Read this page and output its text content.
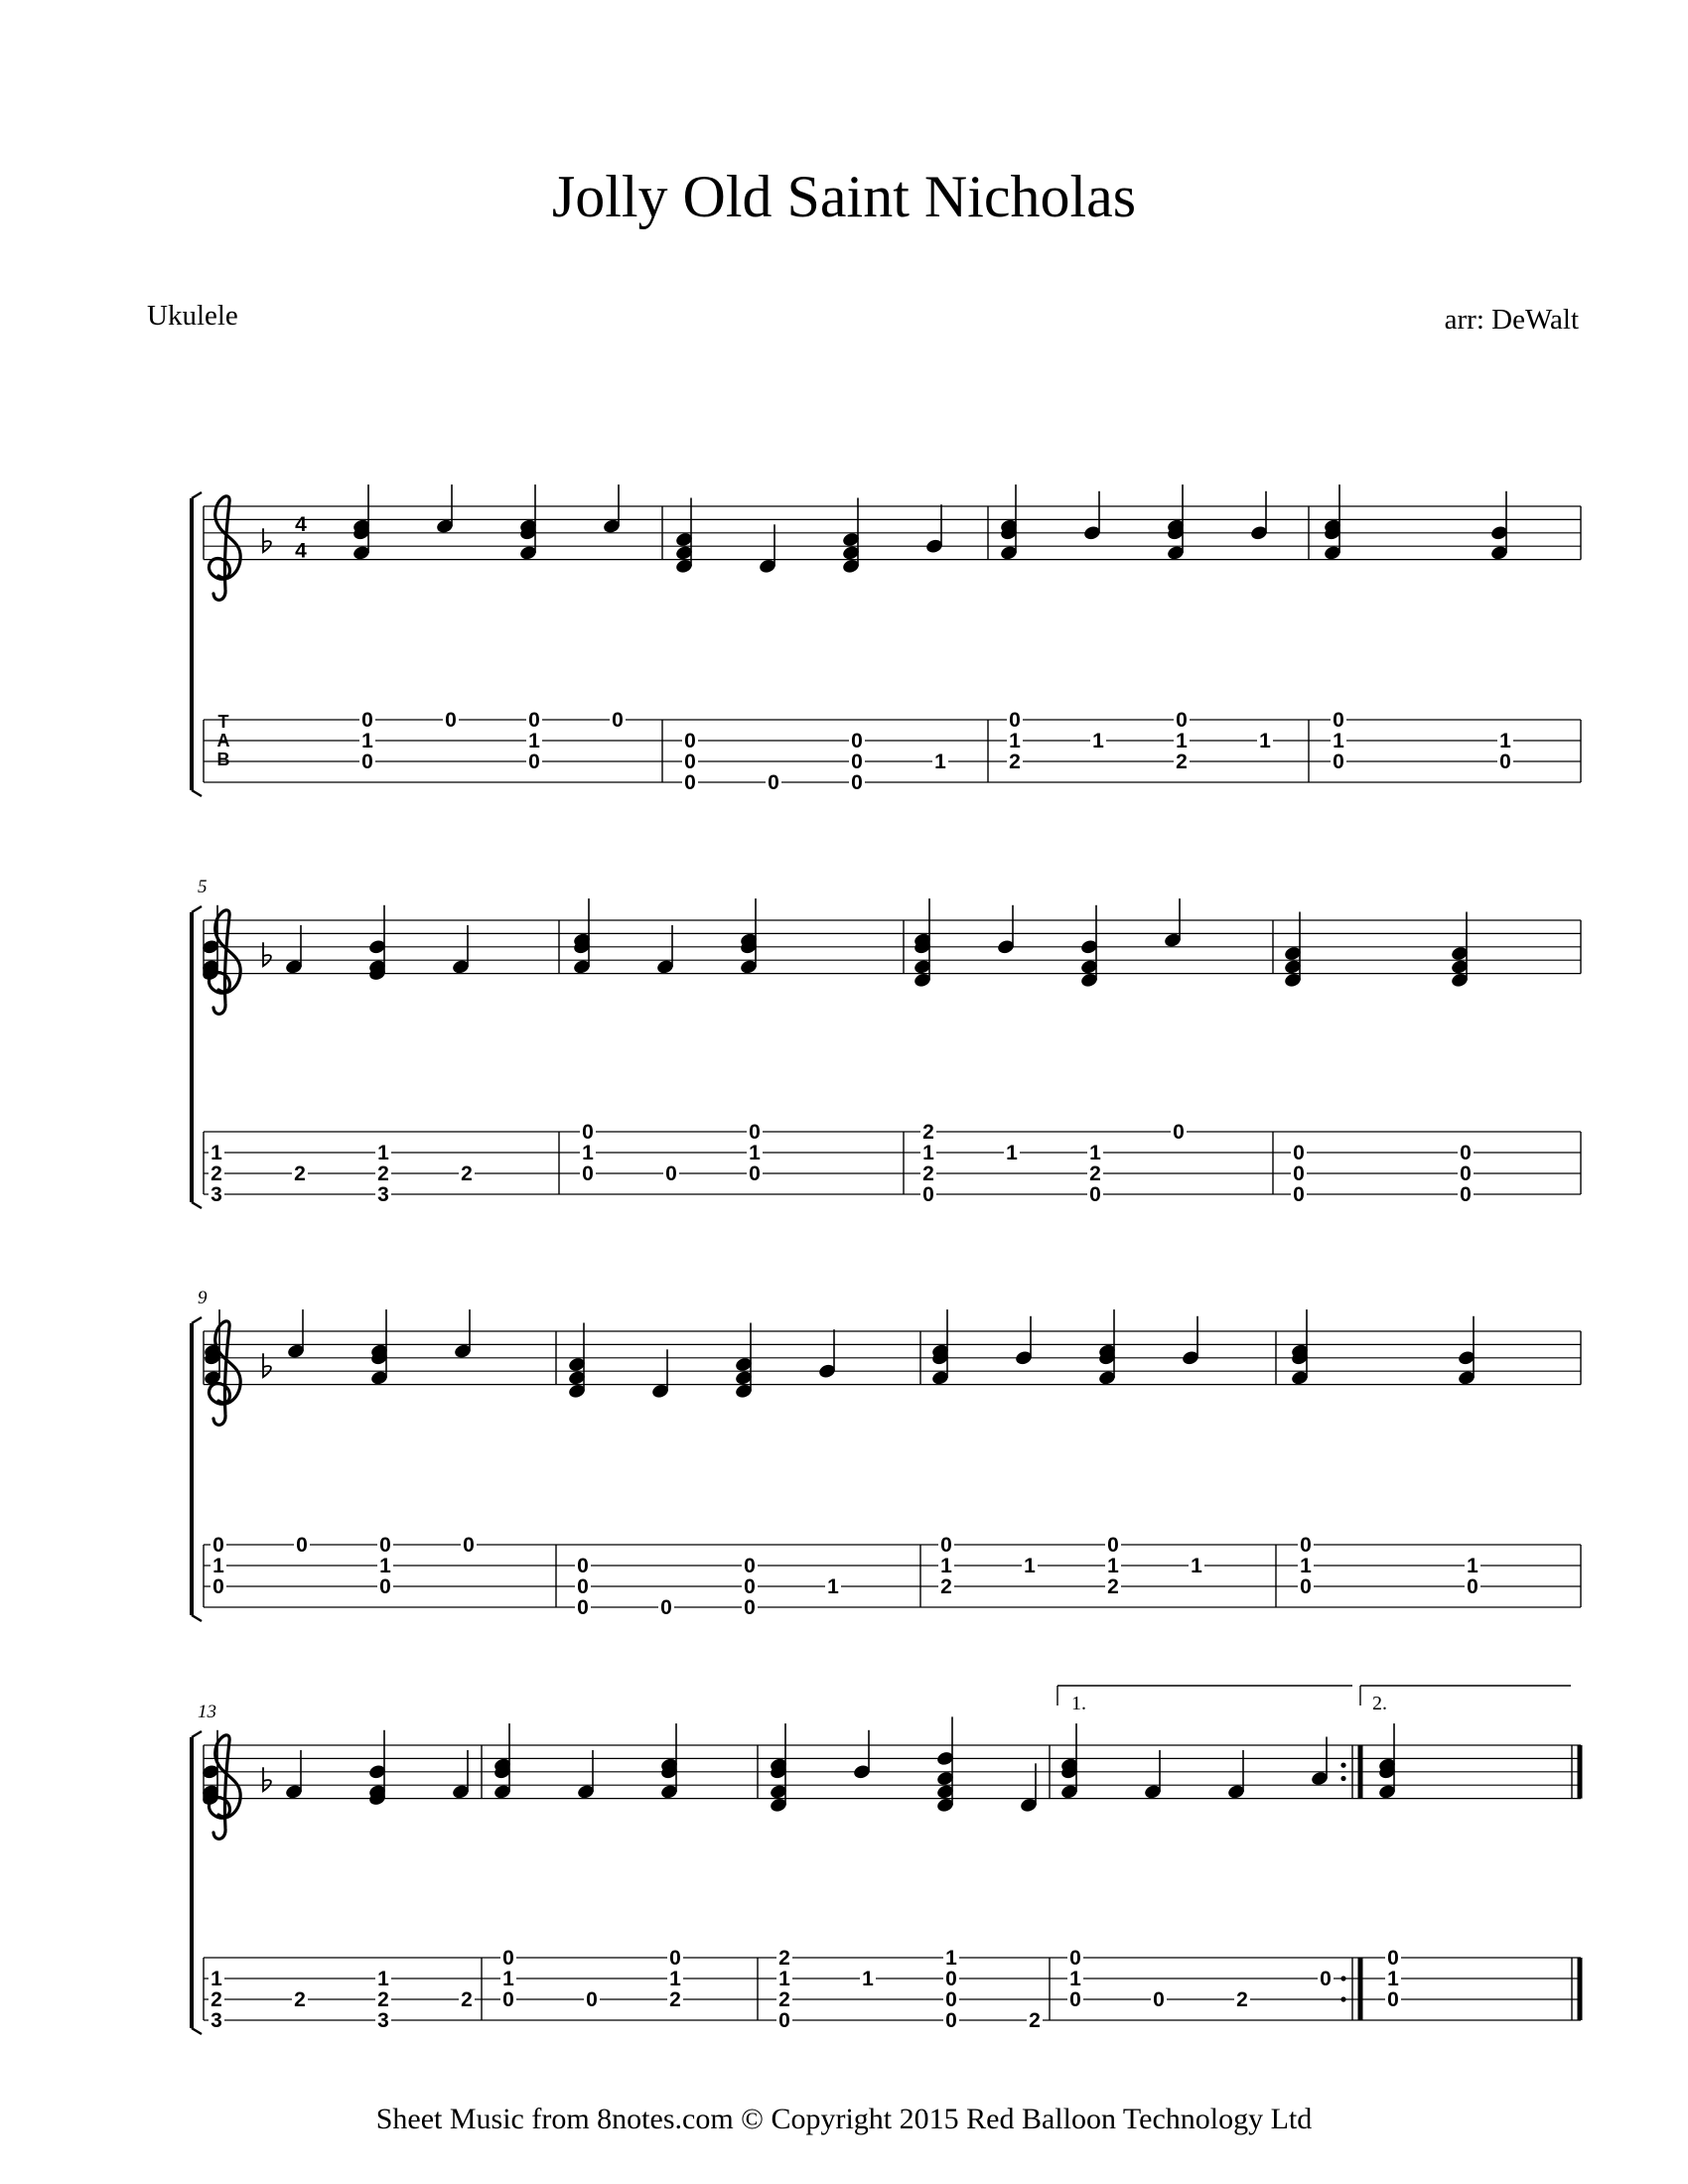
Jolly Old Saint Nicholas
Ukulele	arr: DeWalt
4
4
T
A
B
0
1
0
0	0
1
0
0
0
0
0	0
0
0
0
1
0
1
2
1
0
1
2
1
0
1
0
1
0
5
1
2
3
2
1
2
3
2
0
1
0	0
0
1
0
2
1
2
0
1	1
2
0
0
0
0
0
0
0
0
9
0
1
0
0	0
1
0
0
0
0
0	0
0
0
0
1
0
1
2
1
0
1
2
1
0
1
0
1
0
13	1.	2.
1
2
3
2
1
2
3
2
0
1
0	0
0
1
2
2
1
2
0
1
1
0
0
0	2
0
1
0	0	2
0
0
1
0
Sheet Music from 8notes.com © Copyright 2015 Red Balloon Technology Ltd
